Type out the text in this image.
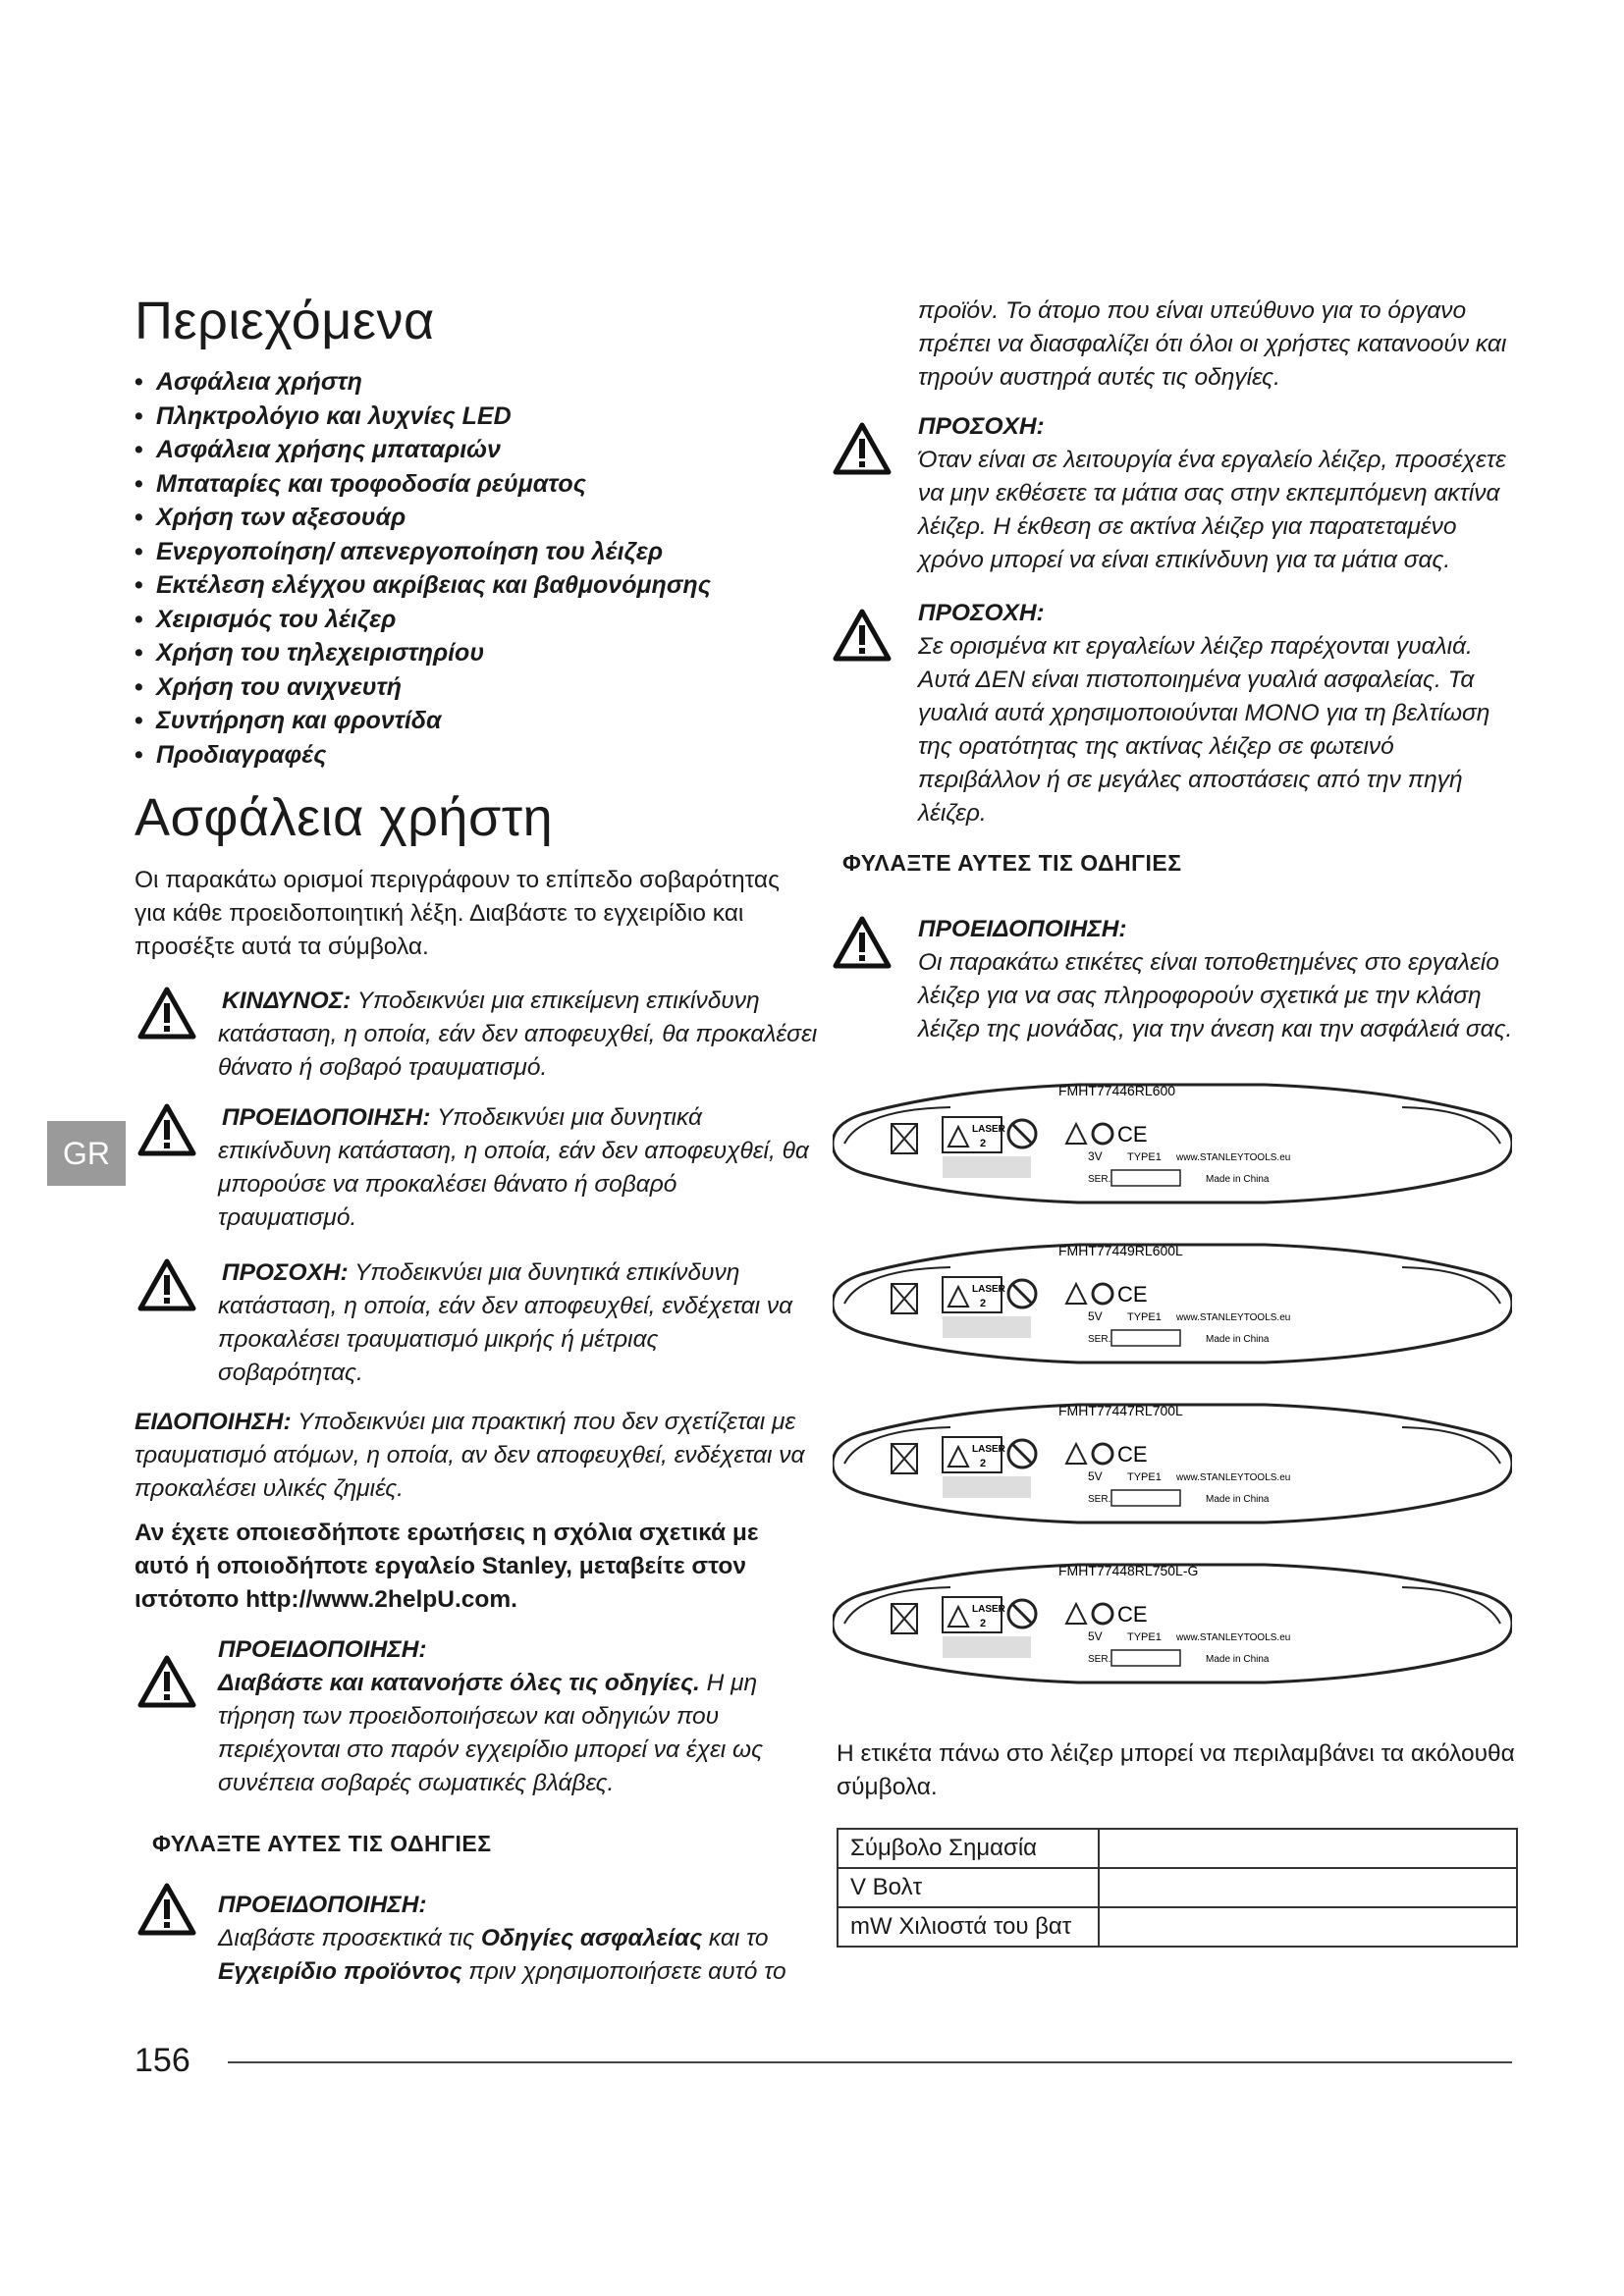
Περιεχόμενα
• Ασφάλεια χρήστη
• Πληκτρολόγιο και λυχνίες LED
• Ασφάλεια χρήσης μπαταριών
• Μπαταρίες και τροφοδοσία ρεύματος
• Χρήση των αξεσουάρ
• Ενεργοποίηση/ απενεργοποίηση του λέιζερ
• Εκτέλεση ελέγχου ακρίβειας και βαθμονόμησης
• Χειρισμός του λέιζερ
• Χρήση του τηλεχειριστηρίου
• Χρήση του ανιχνευτή
• Συντήρηση και φροντίδα
• Προδιαγραφές
Ασφάλεια χρήστη
Οι παρακάτω ορισμοί περιγράφουν το επίπεδο σοβαρότητας
για κάθε προειδοποιητική λέξη. Διαβάστε το εγχειρίδιο και
προσέξτε αυτά τα σύμβολα.
ΚΙΝΔΥΝΟΣ: Υποδεικνύει μια επικείμενη επικίνδυνη
κατάσταση, η οποία, εάν δεν αποφευχθεί, θα προκαλέσει
θάνατο ή σοβαρό τραυματισμό.
ΠΡΟΕΙΔΟΠΟΙΗΣΗ: Υποδεικνύει μια δυνητικά
επικίνδυνη κατάσταση, η οποία, εάν δεν αποφευχθεί, θα
μπορούσε να προκαλέσει θάνατο ή σοβαρό
τραυματισμό.
GR
ΠΡΟΣΟΧΗ: Υποδεικνύει μια δυνητικά επικίνδυνη
κατάσταση, η οποία, εάν δεν αποφευχθεί, ενδέχεται να
προκαλέσει τραυματισμό μικρής ή μέτριας
σοβαρότητας.
ΕΙΔΟΠΟΙΗΣΗ: Υποδεικνύει μια πρακτική που δεν σχετίζεται με
τραυματισμό ατόμων, η οποία, αν δεν αποφευχθεί, ενδέχεται να
προκαλέσει υλικές ζημιές.
Αν έχετε οποιεσδήποτε ερωτήσεις η σχόλια σχετικά με
αυτό ή οποιοδήποτε εργαλείο Stanley, μεταβείτε στον
ιστότοπο http://www.2helpU.com.
ΠΡΟΕΙΔΟΠΟΙΗΣΗ:
Διαβάστε και κατανοήστε όλες τις οδηγίες. Η μη
τήρηση των προειδοποιήσεων και οδηγιών που
περιέχονται στο παρόν εγχειρίδιο μπορεί να έχει ως
συνέπεια σοβαρές σωματικές βλάβες.
ΦΥΛΑΞΤΕ ΑΥΤΕΣ ΤΙΣ ΟΔΗΓΙΕΣ
ΠΡΟΕΙΔΟΠΟΙΗΣΗ:
Διαβάστε προσεκτικά τις Οδηγίες ασφαλείας και το
Εγχειρίδιο προϊόντος πριν χρησιμοποιήσετε αυτό το
προϊόν. Το άτομο που είναι υπεύθυνο για το όργανο
πρέπει να διασφαλίζει ότι όλοι οι χρήστες κατανοούν και
τηρούν αυστηρά αυτές τις οδηγίες.
ΠΡΟΣΟΧΗ:
Όταν είναι σε λειτουργία ένα εργαλείο λέιζερ, προσέχετε
να μην εκθέσετε τα μάτια σας στην εκπεμπόμενη ακτίνα
λέιζερ. Η έκθεση σε ακτίνα λέιζερ για παρατεταμένο
χρόνο μπορεί να είναι επικίνδυνη για τα μάτια σας.
ΠΡΟΣΟΧΗ:
Σε ορισμένα κιτ εργαλείων λέιζερ παρέχονται γυαλιά.
Αυτά ΔΕΝ είναι πιστοποιημένα γυαλιά ασφαλείας. Τα
γυαλιά αυτά χρησιμοποιούνται ΜΟΝΟ για τη βελτίωση
της ορατότητας της ακτίνας λέιζερ σε φωτεινό
περιβάλλον ή σε μεγάλες αποστάσεις από την πηγή
λέιζερ.
ΦΥΛΑΞΤΕ ΑΥΤΕΣ ΤΙΣ ΟΔΗΓΙΕΣ
ΠΡΟΕΙΔΟΠΟΙΗΣΗ:
Οι παρακάτω ετικέτες είναι τοποθετημένες στο εργαλείο
λέιζερ για να σας πληροφορούν σχετικά με την κλάση
λέιζερ της μονάδας, για την άνεση και την ασφάλειά σας.
FMHT77446RL600
LASER
2	CE
3V TYPE1 www.STANLEYTOOLS.eu
SER.	Made in China
FMHT77449RL600L
LASER
2	CE
5V TYPE1 www.STANLEYTOOLS.eu
SER.	Made in China
FMHT77447RL700L
LASER
2	CE
5V TYPE1 www.STANLEYTOOLS.eu
SER.	Made in China
FMHT77448RL750L-G
LASER
2	CE
5V TYPE1 www.STANLEYTOOLS.eu
SER.	Made in China
Η ετικέτα πάνω στο λέιζερ μπορεί να περιλαμβάνει τα ακόλουθα
σύμβολα.
Σύμβολο Σημασία	
V Βολτ	
mW Χιλιοστά του βατ	
156
